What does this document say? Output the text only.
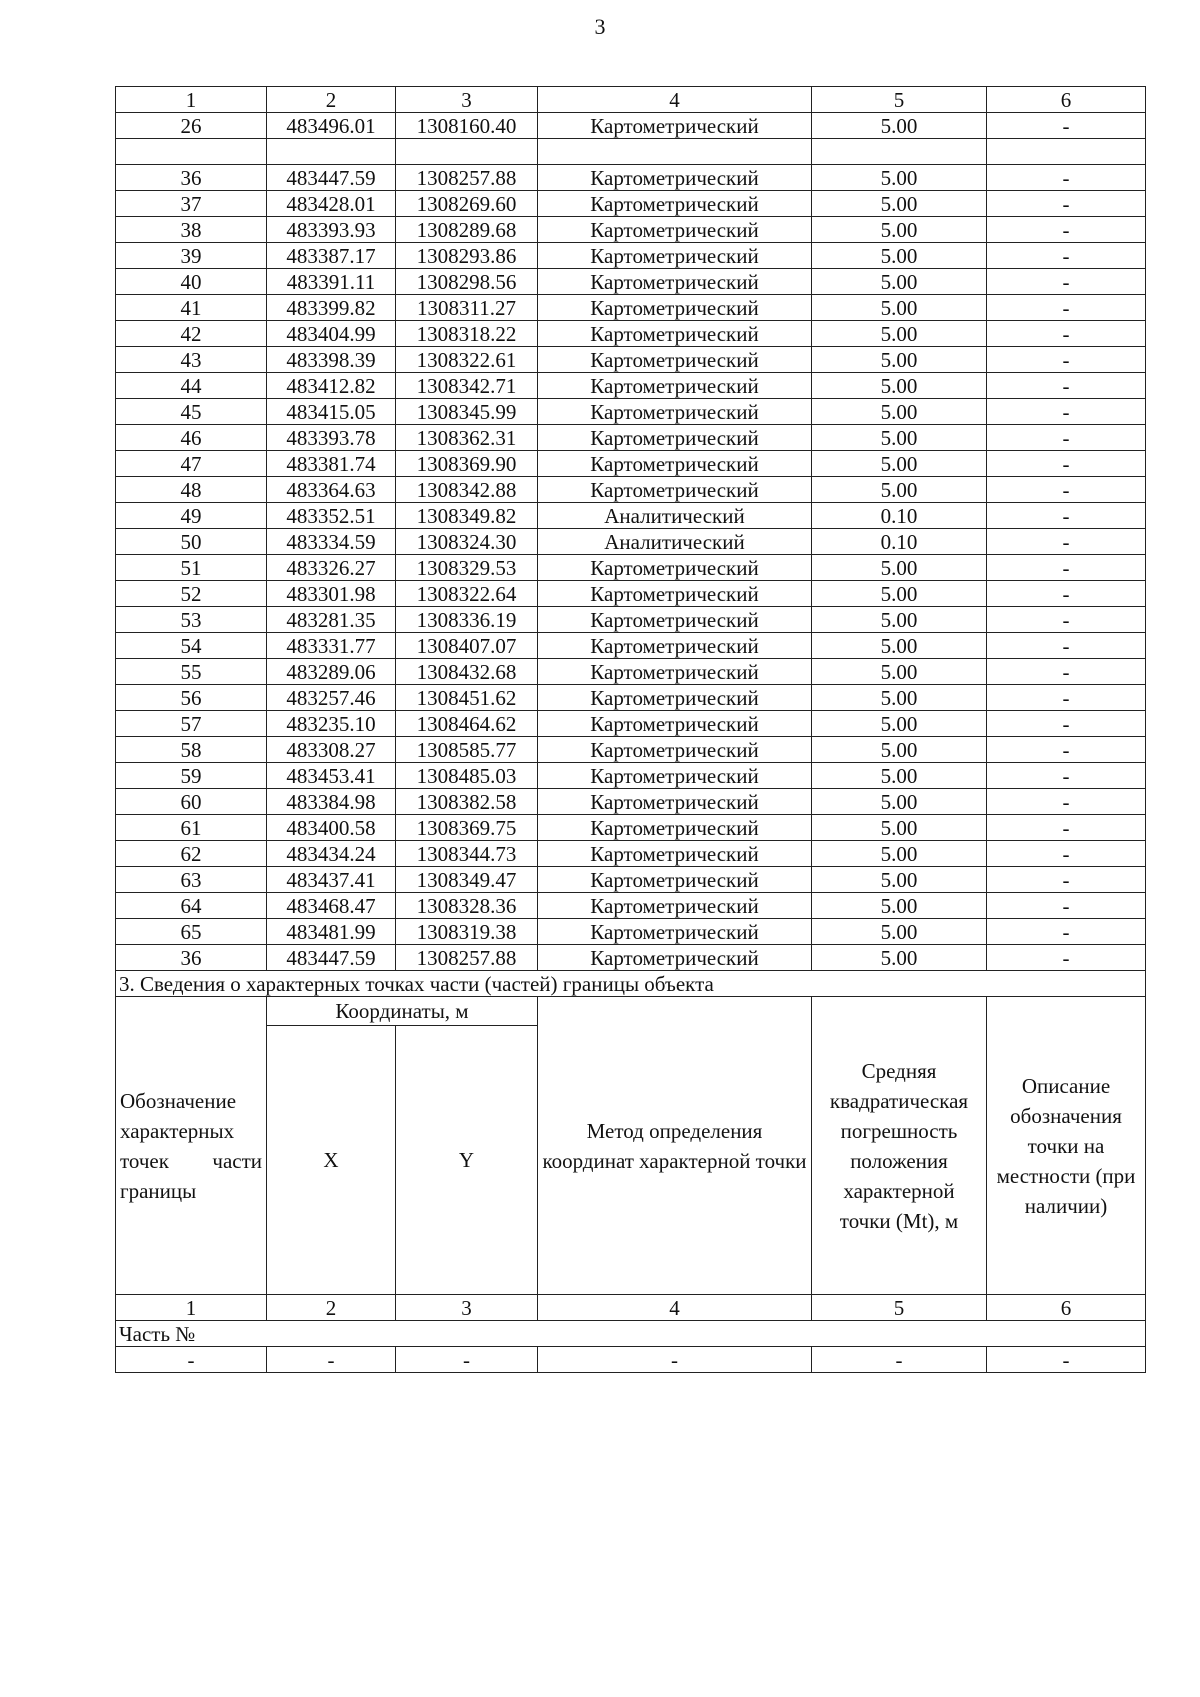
3
1	2	3	4	5	6
26	483496.01	1308160.40	Картометрический	5.00	-

36	483447.59	1308257.88	Картометрический	5.00	-
37	483428.01	1308269.60	Картометрический	5.00	-
38	483393.93	1308289.68	Картометрический	5.00	-
39	483387.17	1308293.86	Картометрический	5.00	-
40	483391.11	1308298.56	Картометрический	5.00	-
41	483399.82	1308311.27	Картометрический	5.00	-
42	483404.99	1308318.22	Картометрический	5.00	-
43	483398.39	1308322.61	Картометрический	5.00	-
44	483412.82	1308342.71	Картометрический	5.00	-
45	483415.05	1308345.99	Картометрический	5.00	-
46	483393.78	1308362.31	Картометрический	5.00	-
47	483381.74	1308369.90	Картометрический	5.00	-
48	483364.63	1308342.88	Картометрический	5.00	-
49	483352.51	1308349.82	Аналитический	0.10	-
50	483334.59	1308324.30	Аналитический	0.10	-
51	483326.27	1308329.53	Картометрический	5.00	-
52	483301.98	1308322.64	Картометрический	5.00	-
53	483281.35	1308336.19	Картометрический	5.00	-
54	483331.77	1308407.07	Картометрический	5.00	-
55	483289.06	1308432.68	Картометрический	5.00	-
56	483257.46	1308451.62	Картометрический	5.00	-
57	483235.10	1308464.62	Картометрический	5.00	-
58	483308.27	1308585.77	Картометрический	5.00	-
59	483453.41	1308485.03	Картометрический	5.00	-
60	483384.98	1308382.58	Картометрический	5.00	-
61	483400.58	1308369.75	Картометрический	5.00	-
62	483434.24	1308344.73	Картометрический	5.00	-
63	483437.41	1308349.47	Картометрический	5.00	-
64	483468.47	1308328.36	Картометрический	5.00	-
65	483481.99	1308319.38	Картометрический	5.00	-
36	483447.59	1308257.88	Картометрический	5.00	-
3. Сведения о характерных точках части (частей) границы объекта					
Обозначение характерных точек части границы	Координаты, м		Метод определения координат характерной точки	Средняя квадратическая погрешность положения характерной точки (Mt), м	Описание обозначения точки на местности (при наличии)
	X	Y			
1	2	3	4	5	6
Часть №					
-	-	-	-	-	-
